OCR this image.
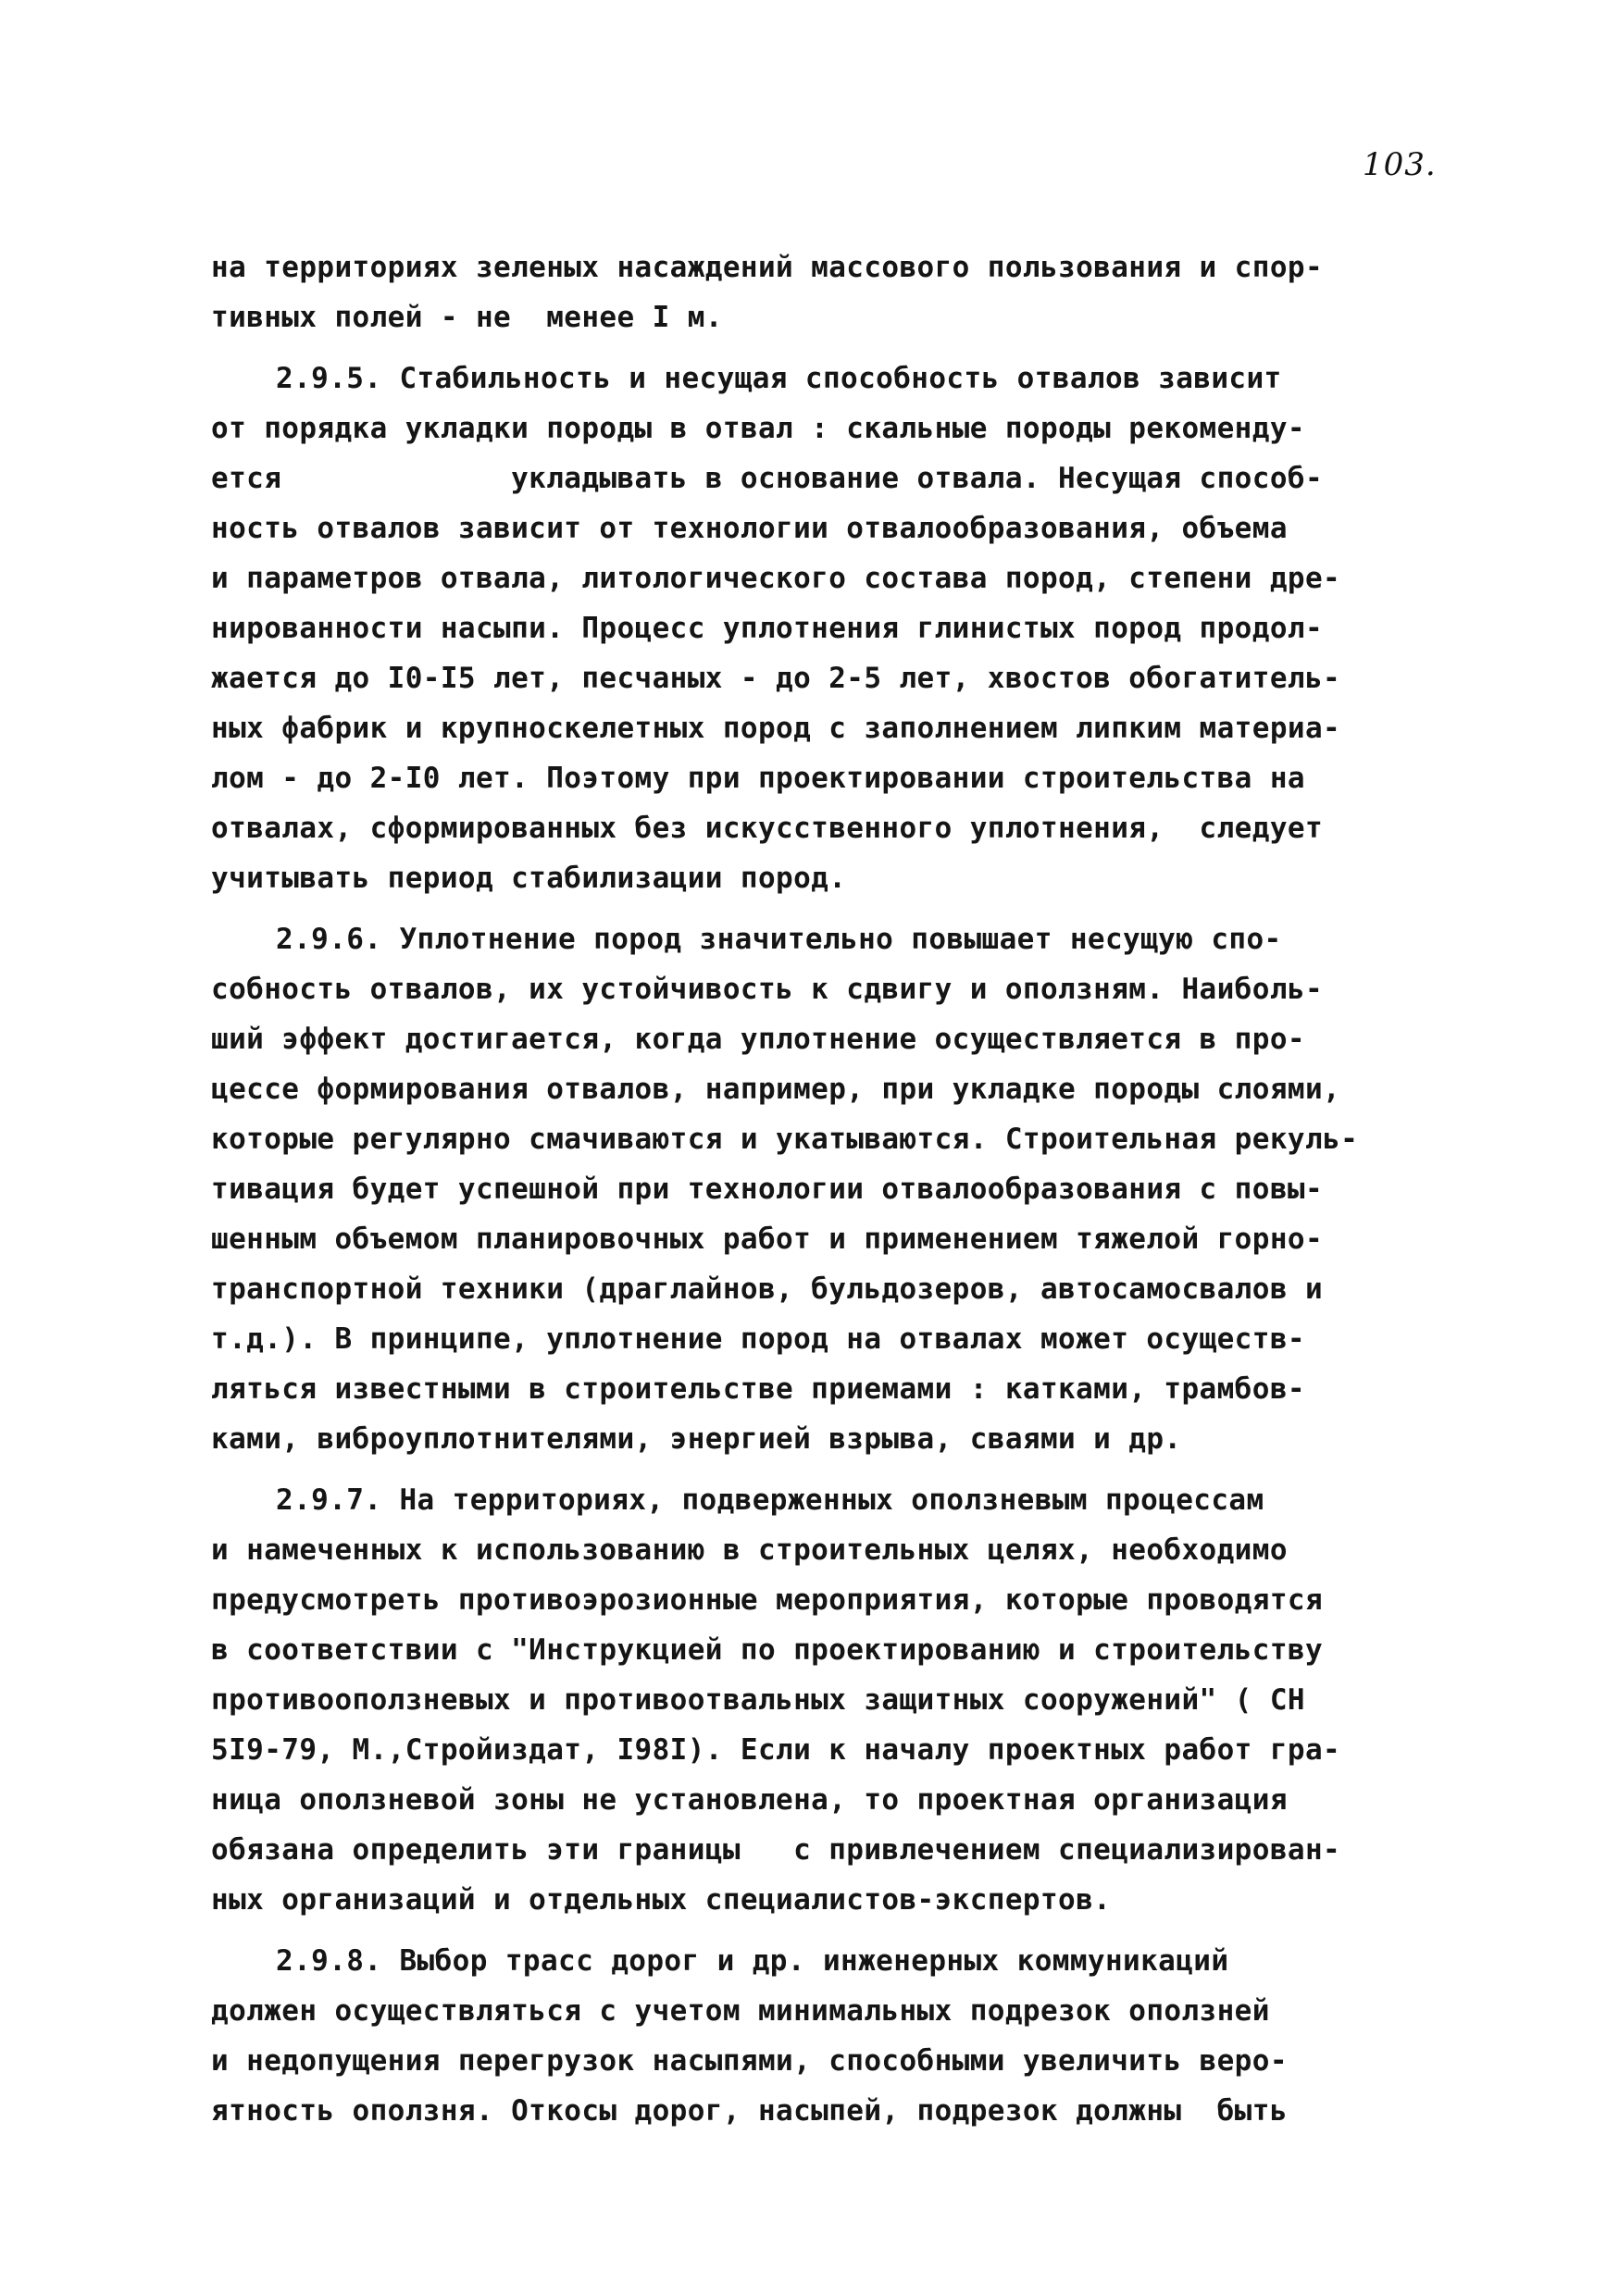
103.
на территориях зеленых насаждений массового пользования и спор-
тивных полей - не  менее I м.
2.9.5. Стабильность и несущая способность отвалов зависит
от порядка укладки породы в отвал : скальные породы рекоменду-
ется             укладывать в основание отвала. Несущая способ-
ность отвалов зависит от технологии отвалообразования, объема
и параметров отвала, литологического состава пород, степени дре-
нированности насыпи. Процесс уплотнения глинистых пород продол-
жается до I0-I5 лет, песчаных - до 2-5 лет, хвостов обогатитель-
ных фабрик и крупноскелетных пород с заполнением липким материа-
лом - до 2-I0 лет. Поэтому при проектировании строительства на
отвалах, сформированных без искусственного уплотнения,  следует
учитывать период стабилизации пород.
2.9.6. Уплотнение пород значительно повышает несущую спо-
собность отвалов, их устойчивость к сдвигу и оползням. Наиболь-
ший эффект достигается, когда уплотнение осуществляется в про-
цессе формирования отвалов, например, при укладке породы слоями,
которые регулярно смачиваются и укатываются. Строительная рекуль-
тивация будет успешной при технологии отвалообразования с повы-
шенным объемом планировочных работ и применением тяжелой горно-
транспортной техники (драглайнов, бульдозеров, автосамосвалов и
т.д.). В принципе, уплотнение пород на отвалах может осуществ-
ляться известными в строительстве приемами : катками, трамбов-
ками, виброуплотнителями, энергией взрыва, сваями и др.
2.9.7. На территориях, подверженных оползневым процессам
и намеченных к использованию в строительных целях, необходимо
предусмотреть противоэрозионные мероприятия, которые проводятся
в соответствии с "Инструкцией по проектированию и строительству
противооползневых и противоотвальных защитных сооружений" ( СН
5I9-79, М.,Стройиздат, I98I). Если к началу проектных работ гра-
ница оползневой зоны не установлена, то проектная организация
обязана определить эти границы   с привлечением специализирован-
ных организаций и отдельных специалистов-экспертов.
2.9.8. Выбор трасс дорог и др. инженерных коммуникаций
должен осуществляться с учетом минимальных подрезок оползней
и недопущения перегрузок насыпями, способными увеличить веро-
ятность оползня. Откосы дорог, насыпей, подрезок должны  быть
